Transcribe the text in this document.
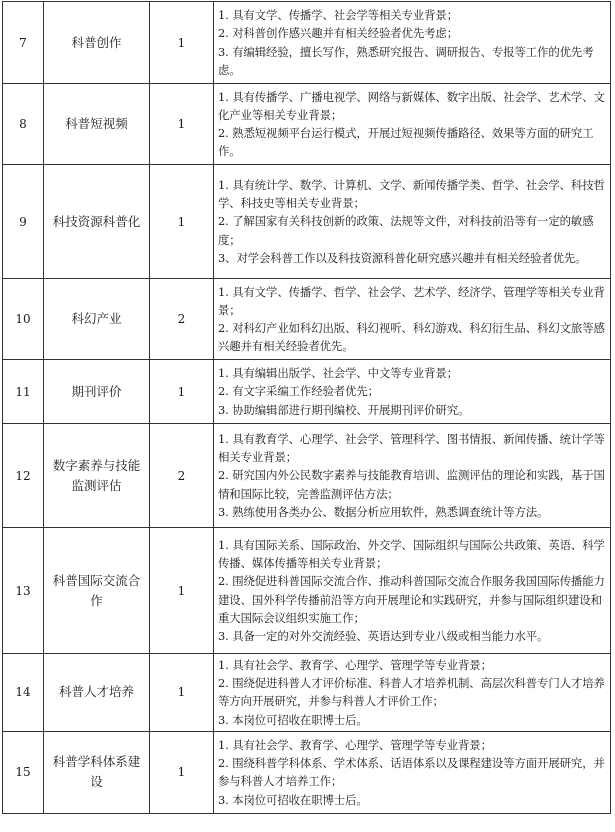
7	科普创作	1	1. 具有文学、传播学、社会学等相关专业背景；
2. 对科普创作感兴趣并有相关经验者优先考虑；
3. 有编辑经验，擅长写作，熟悉研究报告、调研报告、专报等工作的优先考虑。

8	科普短视频	1	1. 具有传播学、广播电视学、网络与新媒体、数字出版、社会学、艺术学、文化产业等相关专业背景；
2. 熟悉短视频平台运行模式，开展过短视频传播路径、效果等方面的研究工作。

9	科技资源科普化	1	1. 具有统计学、数学、计算机、文学、新闻传播学类、哲学、社会学、科技哲学、科技史等相关专业背景；
2. 了解国家有关科技创新的政策、法规等文件，对科技前沿等有一定的敏感度；
3、对学会科普工作以及科技资源科普化研究感兴趣并有相关经验者优先。

10	科幻产业	2	1. 具有文学、传播学、哲学、社会学、艺术学、经济学、管理学等相关专业背景；
2. 对科幻产业如科幻出版、科幻视听、科幻游戏、科幻衍生品、科幻文旅等感兴趣并有相关经验者优先。

11	期刊评价	1	1. 具有编辑出版学、社会学、中文等专业背景；
2. 有文字采编工作经验者优先；
3. 协助编辑部进行期刊编校、开展期刊评价研究。

12	数字素养与技能监测评估	2	1. 具有教育学、心理学、社会学、管理科学、图书情报、新闻传播、统计学等相关专业背景；
2. 研究国内外公民数字素养与技能教育培训、监测评估的理论和实践，基于国情和国际比较，完善监测评估方法；
3. 熟练使用各类办公、数据分析应用软件，熟悉调查统计等方法。

13	科普国际交流合作	1	1. 具有国际关系、国际政治、外交学、国际组织与国际公共政策、英语、科学传播、媒体传播等相关专业背景；
2. 围绕促进科普国际交流合作、推动科普国际交流合作服务我国国际传播能力建设、国外科学传播前沿等方向开展理论和实践研究，并参与国际组织建设和重大国际会议组织实施工作；
3. 具备一定的对外交流经验、英语达到专业八级或相当能力水平。

14	科普人才培养	1	1. 具有社会学、教育学、心理学、管理学等专业背景；
2. 围绕促进科普人才评价标准、科普人才培养机制、高层次科普专门人才培养等方向开展研究，并参与科普人才评价工作；
3. 本岗位可招收在职博士后。

15	科普学科体系建设	1	1. 具有社会学、教育学、心理学、管理学等专业背景；
2. 围绕科普学科体系、学术体系、话语体系以及课程建设等方面开展研究，并参与科普人才培养工作；
3. 本岗位可招收在职博士后。
